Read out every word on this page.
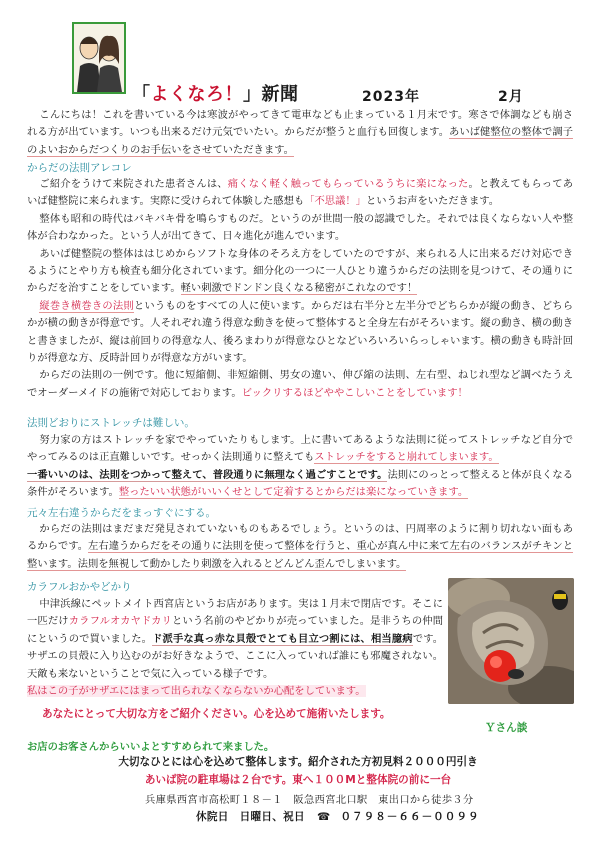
「よくなろ！」新聞	2023年	2月

こんにちは！これを書いている今は寒波がやってきて電車なども止まっている１月末です。寒さで体調なども崩される方が出ています。いつも出来るだけ元気でいたい。からだが整うと血行も回復します。あいば健整位の整体で調子のよいおからだつくりのお手伝いをさせていただきます。

からだの法則アレコレ

ご紹介をうけて来院された患者さんは、痛くなく軽く触ってもらっているうちに楽になった。と教えてもらってあいば健整院に来られます。実際に受けられて体験した感想も「不思議！」というお声をいただきます。

整体も昭和の時代はバキバキ骨を鳴らすものだ。というのが世間一般の認識でした。それでは良くならない人や整体が合わなかった。という人が出てきて、日々進化が進んでいます。

あいば健整院の整体ははじめからソフトな身体のそろえ方をしていたのですが、来られる人に出来るだけ対応できるようにとやり方も検査も細分化されています。細分化の一つに一人ひとり違うからだの法則を見つけて、その通りにからだを治すことをしています。軽い刺激でドンドン良くなる秘密がこれなのです！

縦巻き横巻きの法則というものをすべての人に使います。からだは右半分と左半分でどちらかが縦の動き、どちらかが横の動きが得意です。人それぞれ違う得意な動きを使って整体すると全身左右がそろいます。縦の動き、横の動きと書きましたが、縦は前回りの得意な人、後ろまわりが得意なひとなどいろいろいらっしゃいます。横の動きも時計回りが得意な方、反時計回りが得意な方がいます。

からだの法則の一例です。他に短縮側、非短縮側、男女の違い、伸び縮の法則、左右型、ねじれ型など調べたうえでオーダーメイドの施術で対応しております。ビックリするほどややこしいことをしています！

法則どおりにストレッチは難しい。

努力家の方はストレッチを家でやっていたりもします。上に書いてあるような法則に従ってストレッチなど自分でやってみるのは正直難しいです。せっかく法則通りに整えてもストレッチをすると崩れてしまいます。

一番いいのは、法則をつかって整えて、普段通りに無理なく過ごすことです。法則にのっとって整えると体が良くなる条件がそろいます。整ったいい状態がいいくせとして定着するとからだは楽になっていきます。

元々左右違うからだをまっすぐにする。

からだの法則はまだまだ発見されていないものもあるでしょう。というのは、円周率のように割り切れない面もあるからです。左右違うからだをその通りに法則を使って整体を行うと、重心が真ん中に来て左右のバランスがチキンと整います。法則を無視して動かしたり刺激を入れるとどんどん歪んでしまいます。

カラフルおかやどかり

中津浜線にペットメイト西宮店というお店があります。実は１月末で閉店です。そこに一匹だけカラフルオカヤドカリという名前のやどかりが売っていました。是非うちの仲間にというので買いました。ド派手な真っ赤な貝殻でとても目立つ割には、相当臆病です。サザエの貝殻に入り込むのがお好きなようで、ここに入っていれば誰にも邪魔されない。天敵も来ないということで気に入っている様子です。

私はこの子がサザエにはまって出られなくならないか心配をしています。

あなたにとって大切な方をご紹介ください。心を込めて施術いたします。
Ｙさん談
お店のお客さんからいいよとすすめられて来ました。
大切なひとには心を込めて整体します。紹介された方初見料２０００円引き
あいば院の駐車場は２台です。東へ１００Mと整体院の前に一台
兵庫県西宮市高松町１８－１　阪急西宮北口駅　東出口から徒歩３分
休院日　日曜日、祝日 ☎ ０７９８－６６－００９９
